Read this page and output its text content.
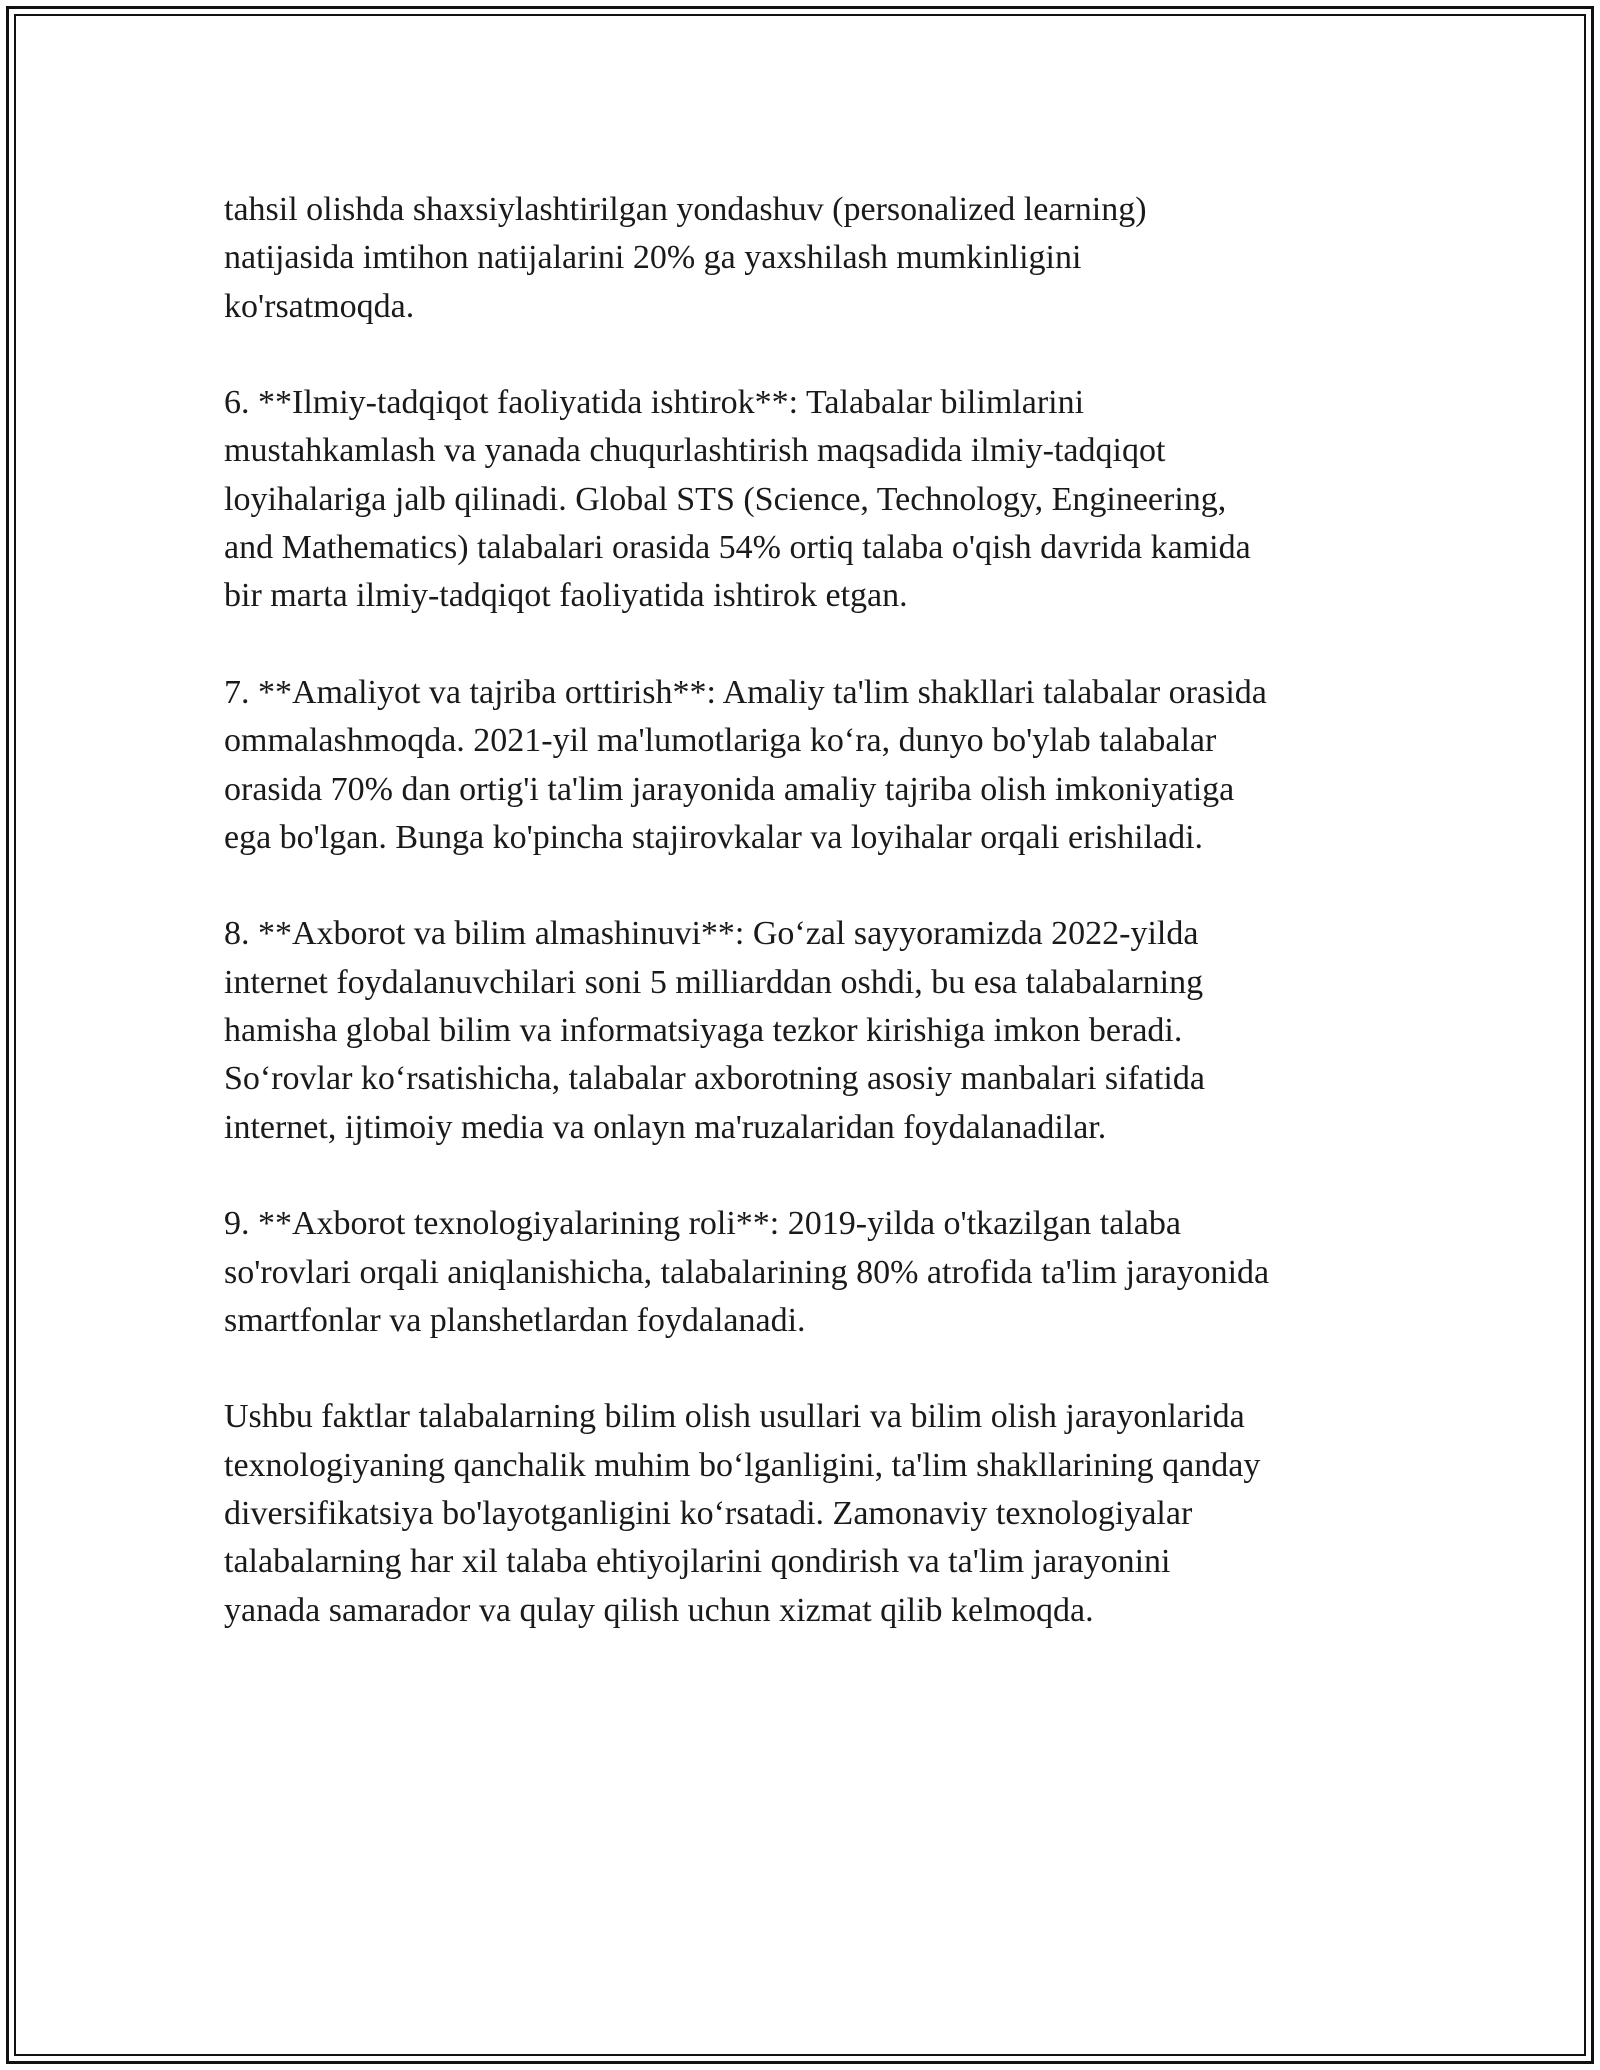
tahsil olishda shaxsiylashtirilgan yondashuv (personalized learning)
natijasida imtihon natijalarini 20% ga yaxshilash mumkinligini
ko'rsatmoqda.

6. **Ilmiy-tadqiqot faoliyatida ishtirok**: Talabalar bilimlarini
mustahkamlash va yanada chuqurlashtirish maqsadida ilmiy-tadqiqot
loyihalariga jalb qilinadi. Global STS (Science, Technology, Engineering,
and Mathematics) talabalari orasida 54% ortiq talaba o'qish davrida kamida
bir marta ilmiy-tadqiqot faoliyatida ishtirok etgan.

7. **Amaliyot va tajriba orttirish**: Amaliy ta'lim shakllari talabalar orasida
ommalashmoqda. 2021-yil ma'lumotlariga ko‘ra, dunyo bo'ylab talabalar
orasida 70% dan ortig'i ta'lim jarayonida amaliy tajriba olish imkoniyatiga
ega bo'lgan. Bunga ko'pincha stajirovkalar va loyihalar orqali erishiladi.

8. **Axborot va bilim almashinuvi**: Go‘zal sayyoramizda 2022-yilda
internet foydalanuvchilari soni 5 milliarddan oshdi, bu esa talabalarning
hamisha global bilim va informatsiyaga tezkor kirishiga imkon beradi.
So‘rovlar ko‘rsatishicha, talabalar axborotning asosiy manbalari sifatida
internet, ijtimoiy media va onlayn ma'ruzalaridan foydalanadilar.

9. **Axborot texnologiyalarining roli**: 2019-yilda o'tkazilgan talaba
so'rovlari orqali aniqlanishicha, talabalarining 80% atrofida ta'lim jarayonida
smartfonlar va planshetlardan foydalanadi.

Ushbu faktlar talabalarning bilim olish usullari va bilim olish jarayonlarida
texnologiyaning qanchalik muhim bo‘lganligini, ta'lim shakllarining qanday
diversifikatsiya bo'layotganligini ko‘rsatadi. Zamonaviy texnologiyalar
talabalarning har xil talaba ehtiyojlarini qondirish va ta'lim jarayonini
yanada samarador va qulay qilish uchun xizmat qilib kelmoqda.
